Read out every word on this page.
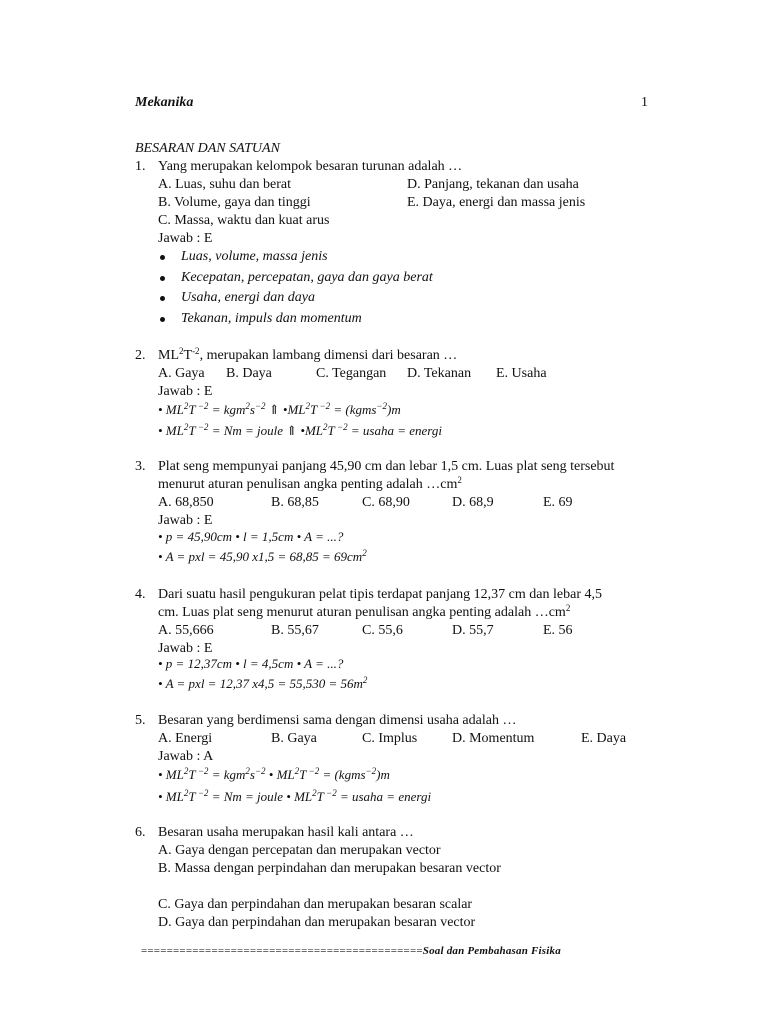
Mekanika	1
BESARAN DAN SATUAN
1. Yang merupakan kelompok besaran turunan adalah …
A. Luas, suhu dan berat	D. Panjang, tekanan dan usaha
B. Volume, gaya dan tinggi	E. Daya, energi dan massa jenis
C. Massa, waktu dan kuat arus
Jawab : E
Luas, volume, massa jenis
Kecepatan, percepatan, gaya dan gaya berat
Usaha, energi dan daya
Tekanan, impuls dan momentum
2. $ML^2T^{-2}$, merupakan lambang dimensi dari besaran …
A. Gaya B. Daya	C. Tegangan D. Tekanan E. Usaha
Jawab : E
• $ML^2T$ $^{-2} = kgm^2s^{-2}$ ⇑ $•ML^2T$ $^{-2}$ = (kgms$^{-2}$)m
• $ML^2T$ $^{-2}$ = Nm = joule ⇑ $•ML^2T$ $^{-2}$ = usaha = energi
3. Plat seng mempunyai panjang 45,90 cm dan lebar 1,5 cm. Luas plat seng tersebut
menurut aturan penulisan angka penting adalah $\dots cm^2$
A. 68,850	B. 68,85	C. 68,90	D. 68,9	E. 69
Jawab : E
• p = 45,90cm • l = 1,5cm • A = ...?
• A = pxl = 45,90 $x1,5 = 68,85 = 69cm^2$
4. Dari suatu hasil pengukuran pelat tipis terdapat panjang 12,37 cm dan lebar 4,5
cm. Luas plat seng menurut aturan penulisan angka penting adalah $\dots cm^2$
A. 55,666	B. 55,67	C. 55,6	D. 55,7	E. 56
Jawab : E
• p = 12,37cm • l = 4,5cm • A = ...?
• A = pxl = 12,37 $x4,5 = 55,530 = 56m^2$
5. Besaran yang berdimensi sama dengan dimensi usaha adalah …
A. Energi	B. Gaya	C. Implus D. Momentum	E. Daya
Jawab : A
• $ML^2T$ $^{-2} = kgm^2s^{-2}$ • $ML^2T$ $^{-2}$ = (kgms$^{-2}$)m
• $ML^2T$ $^{-2}$ = Nm = joule • $ML^2T$ $^{-2}$ = usaha = energi
6. Besaran usaha merupakan hasil kali antara …
A. Gaya dengan percepatan dan merupakan vector
B. Massa dengan perpindahan dan merupakan besaran vector
C. Gaya dan perpindahan dan merupakan besaran scalar
D. Gaya dan perpindahan dan merupakan besaran vector
============================================Soal dan Pembahasan Fisika
